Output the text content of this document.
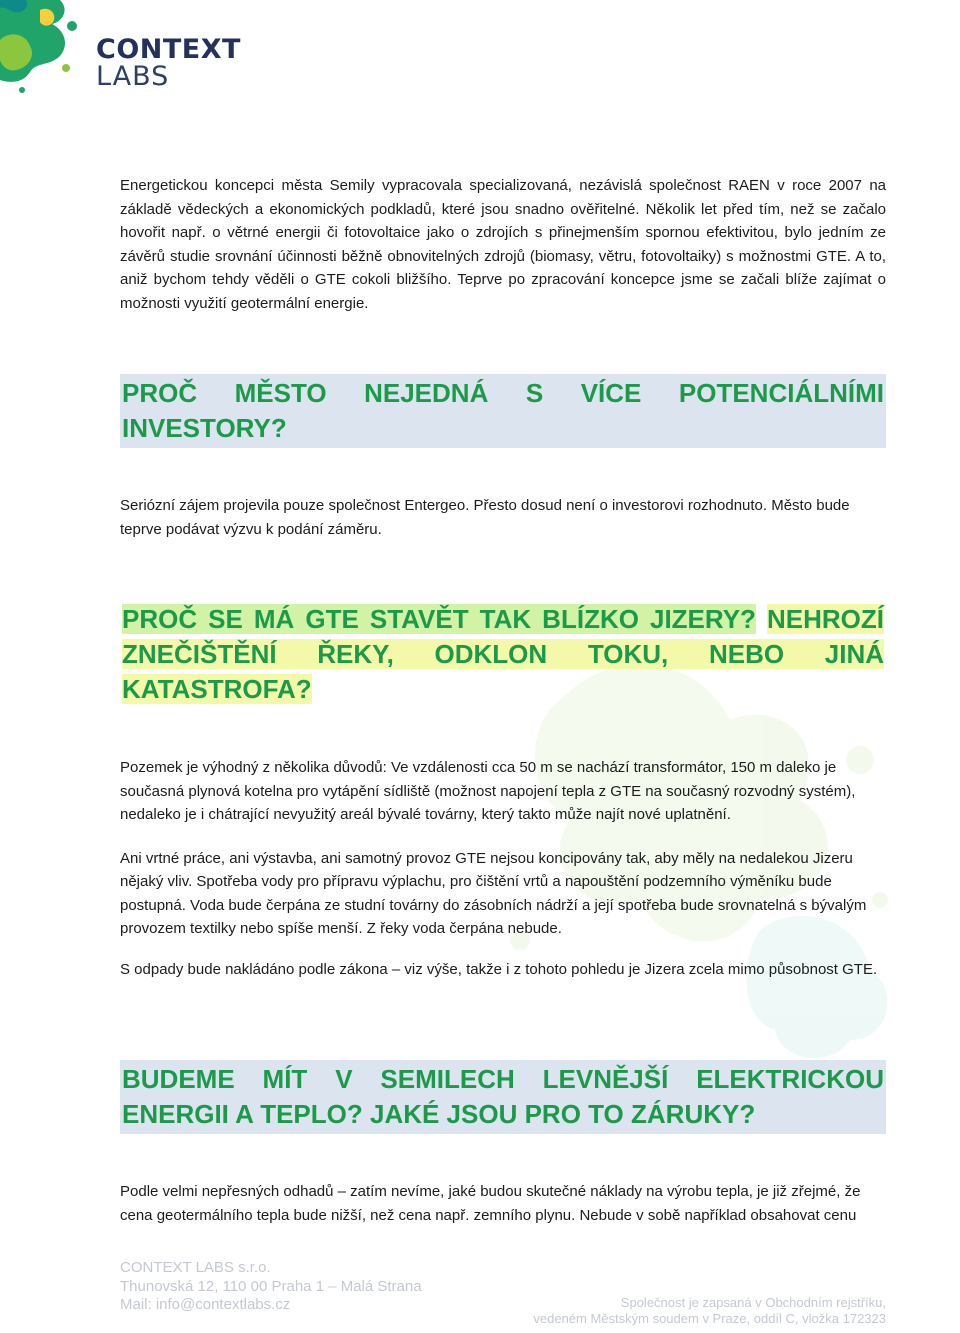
CONTEXT
LABS

Energetickou koncepci města Semily vypracovala specializovaná, nezávislá společnost RAEN v roce 2007 na základě vědeckých a ekonomických podkladů, které jsou snadno ověřitelné. Několik let před tím, než se začalo hovořit např. o větrné energii či fotovoltaice jako o zdrojích s přinejmenším spornou efektivitou, bylo jedním ze závěrů studie srovnání účinnosti běžně obnovitelných zdrojů (biomasy, větru, fotovoltaiky) s možnostmi GTE. A to, aniž bychom tehdy věděli o GTE cokoli bližšího. Teprve po zpracování koncepce jsme se začali blíže zajímat o možnosti využití geotermální energie.

PROČ MĚSTO NEJEDNÁ S VÍCE POTENCIÁLNÍMI INVESTORY?

Seriózní zájem projevila pouze společnost Entergeo. Přesto dosud není o investorovi rozhodnuto. Město bude teprve podávat výzvu k podání záměru.

PROČ SE MÁ GTE STAVĚT TAK BLÍZKO JIZERY? NEHROZÍ ZNEČIŠTĚNÍ ŘEKY, ODKLON TOKU, NEBO JINÁ KATASTROFA?

Pozemek je výhodný z několika důvodů: Ve vzdálenosti cca 50 m se nachází transformátor, 150 m daleko je současná plynová kotelna pro vytápění sídliště (možnost napojení tepla z GTE na současný rozvodný systém), nedaleko je i chátrající nevyužitý areál bývalé továrny, který takto může najít nové uplatnění.

Ani vrtné práce, ani výstavba, ani samotný provoz GTE nejsou koncipovány tak, aby měly na nedalekou Jizeru nějaký vliv. Spotřeba vody pro přípravu výplachu, pro čištění vrtů a napouštění podzemního výměníku bude postupná. Voda bude čerpána ze studní továrny do zásobních nádrží a její spotřeba bude srovnatelná s bývalým provozem textilky nebo spíše menší. Z řeky voda čerpána nebude.

S odpady bude nakládáno podle zákona – viz výše, takže i z tohoto pohledu je Jizera zcela mimo působnost GTE.

BUDEME MÍT V SEMILECH LEVNĚJŠÍ ELEKTRICKOU ENERGII A TEPLO? JAKÉ JSOU PRO TO ZÁRUKY?

Podle velmi nepřesných odhadů – zatím nevíme, jaké budou skutečné náklady na výrobu tepla, je již zřejmé, že cena geotermálního tepla bude nižší, než cena např. zemního plynu. Nebude v sobě například obsahovat cenu

CONTEXT LABS s.r.o.
Thunovská 12, 110 00 Praha 1 – Malá Strana
Mail: info@contextlabs.cz	Společnost je zapsaná v Obchodním rejstříku,
vedeném Městským soudem v Praze, oddíl C, vložka 172323
